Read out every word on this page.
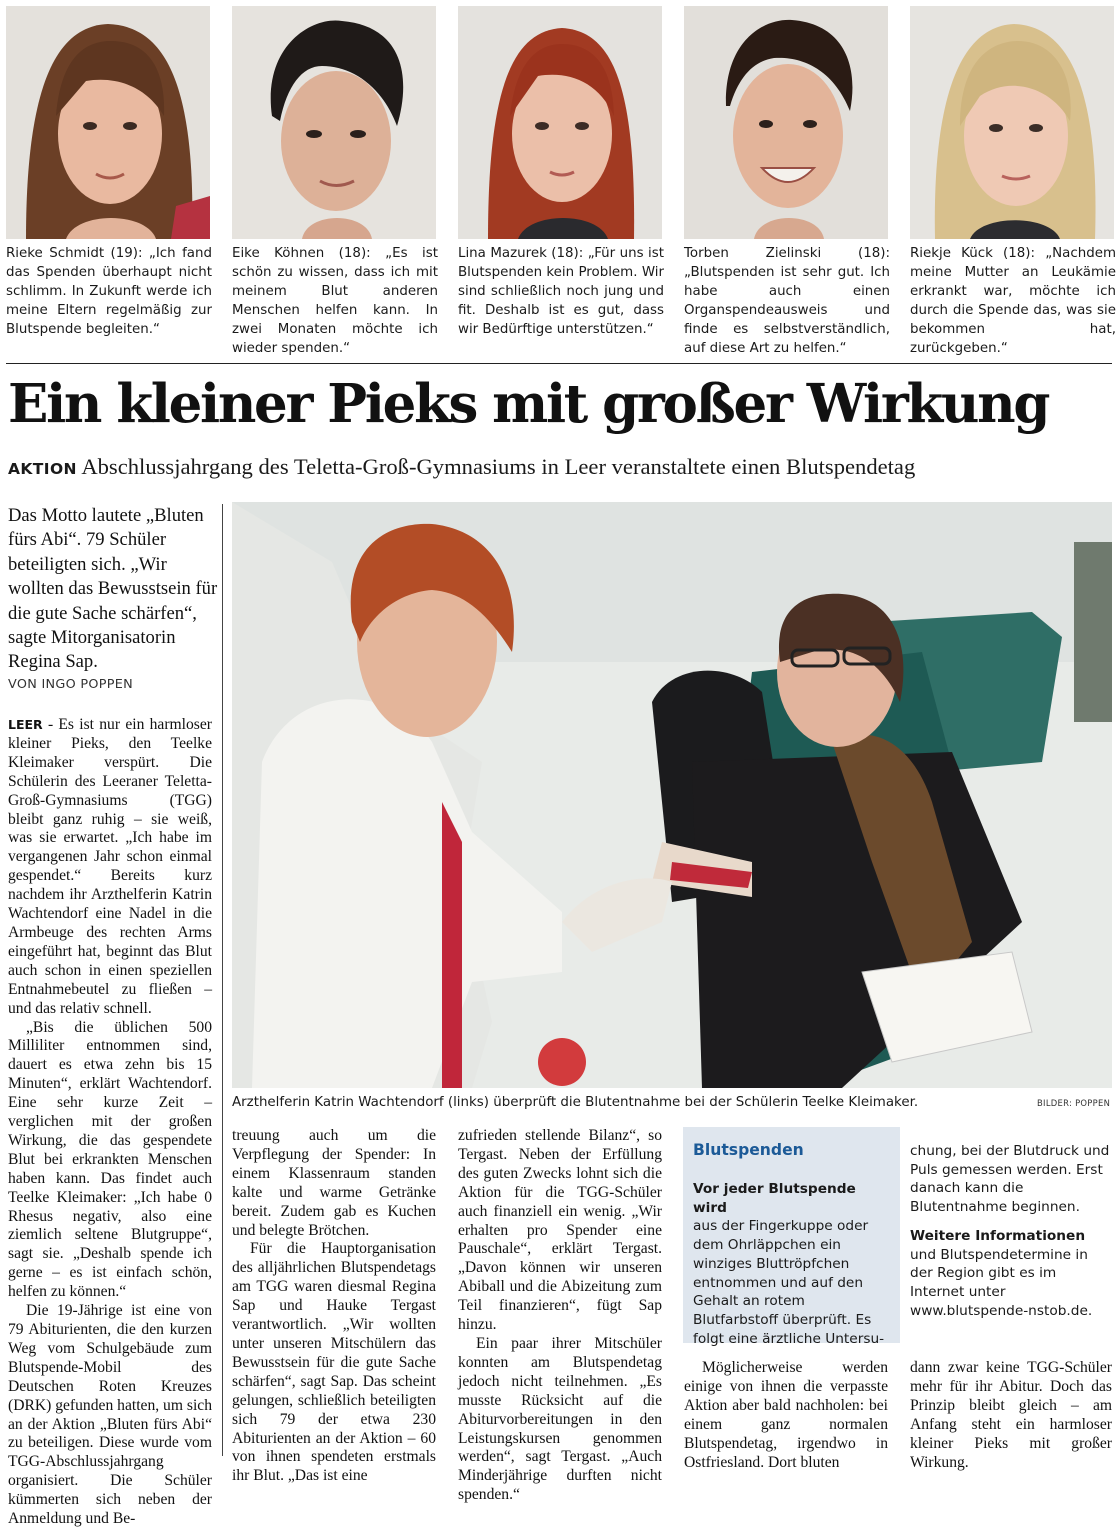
Rieke Schmidt (19): „Ich fand das Spenden überhaupt nicht schlimm. In Zukunft werde ich meine Eltern regelmäßig zur Blutspende begleiten.“
Eike Köhnen (18): „Es ist schön zu wissen, dass ich mit meinem Blut anderen Menschen helfen kann. In zwei Monaten möchte ich wieder spenden.“
Lina Mazurek (18): „Für uns ist Blutspenden kein Problem. Wir sind schließlich noch jung und fit. Deshalb ist es gut, dass wir Bedürftige unterstützen.“
Torben Zielinski (18): „Blutspenden ist sehr gut. Ich habe auch einen Organspendeausweis und finde es selbstverständlich, auf diese Art zu helfen.“
Riekje Kück (18): „Nachdem meine Mutter an Leukämie erkrankt war, möchte ich durch die Spende das, was sie bekommen hat, zurückgeben.“
Ein kleiner Pieks mit großer Wirkung
AKTION Abschlussjahrgang des Teletta-Groß-Gymnasiums in Leer veranstaltete einen Blutspendetag
Das Motto lautete „Bluten fürs Abi“. 79 Schüler beteiligten sich. „Wir wollten das Bewusstsein für die gute Sache schärfen“, sagte Mitorganisatorin Regina Sap.
VON INGO POPPEN

LEER - Es ist nur ein harmloser kleiner Pieks, den Teelke Kleimaker verspürt. Die Schülerin des Leeraner Teletta-Groß-Gymnasiums (TGG) bleibt ganz ruhig – sie weiß, was sie erwartet. „Ich habe im vergangenen Jahr schon einmal gespendet.“ Bereits kurz nachdem ihr Arzthelferin Katrin Wachtendorf eine Nadel in die Armbeuge des rechten Arms eingeführt hat, beginnt das Blut auch schon in einen speziellen Entnahmebeutel zu fließen – und das relativ schnell.

„Bis die üblichen 500 Milliliter entnommen sind, dauert es etwa zehn bis 15 Minuten“, erklärt Wachtendorf. Eine sehr kurze Zeit – verglichen mit der großen Wirkung, die das gespendete Blut bei erkrankten Menschen haben kann. Das findet auch Teelke Kleimaker: „Ich habe 0 Rhesus negativ, also eine ziemlich seltene Blutgruppe“, sagt sie. „Deshalb spende ich gerne – es ist einfach schön, helfen zu können.“

Die 19-Jährige ist eine von 79 Abiturienten, die den kurzen Weg vom Schulgebäude zum Blutspende-Mobil des Deutschen Roten Kreuzes (DRK) gefunden hatten, um sich an der Aktion „Bluten fürs Abi“ zu beteiligen. Diese wurde vom TGG-Abschlussjahrgang organisiert. Die Schüler kümmerten sich neben der Anmeldung und Be-

Arzthelferin Katrin Wachtendorf (links) überprüft die Blutentnahme bei der Schülerin Teelke Kleimaker.	BILDER: POPPEN

treuung auch um die Verpflegung der Spender: In einem Klassenraum standen kalte und warme Getränke bereit. Zudem gab es Kuchen und belegte Brötchen.

Für die Hauptorganisation des alljährlichen Blutspendetags am TGG waren diesmal Regina Sap und Hauke Tergast verantwortlich. „Wir wollten unter unseren Mitschülern das Bewusstsein für die gute Sache schärfen“, sagt Sap. Das scheint gelungen, schließlich beteiligten sich 79 der etwa 230 Abiturienten an der Aktion – 60 von ihnen spendeten erstmals ihr Blut. „Das ist eine

zufrieden stellende Bilanz“, so Tergast. Neben der Erfüllung des guten Zwecks lohnt sich die Aktion für die TGG-Schüler auch finanziell ein wenig. „Wir erhalten pro Spender eine Pauschale“, erklärt Tergast. „Davon können wir unseren Abiball und die Abizeitung zum Teil finanzieren“, fügt Sap hinzu.

Ein paar ihrer Mitschüler konnten am Blutspendetag jedoch nicht teilnehmen. „Es musste Rücksicht auf die Abiturvorbereitungen in den Leistungskursen genommen werden“, sagt Tergast. „Auch Minderjährige durften nicht spenden.“

Blutspenden
Vor jeder Blutspende wird
aus der Fingerkuppe oder dem Ohrläppchen ein winziges Bluttröpfchen entnommen und auf den Gehalt an rotem Blutfarbstoff überprüft. Es folgt eine ärztliche Untersu-
chung, bei der Blutdruck und Puls gemessen werden. Erst danach kann die Blutentnahme beginnen.

Weitere Informationen
und Blutspendetermine in der Region gibt es im Internet unter www.blutspende-nstob.de.

Möglicherweise werden einige von ihnen die verpasste Aktion aber bald nachholen: bei einem ganz normalen Blutspendetag, irgendwo in Ostfriesland. Dort bluten

dann zwar keine TGG-Schüler mehr für ihr Abitur. Doch das Prinzip bleibt gleich – am Anfang steht ein harmloser kleiner Pieks mit großer Wirkung.
